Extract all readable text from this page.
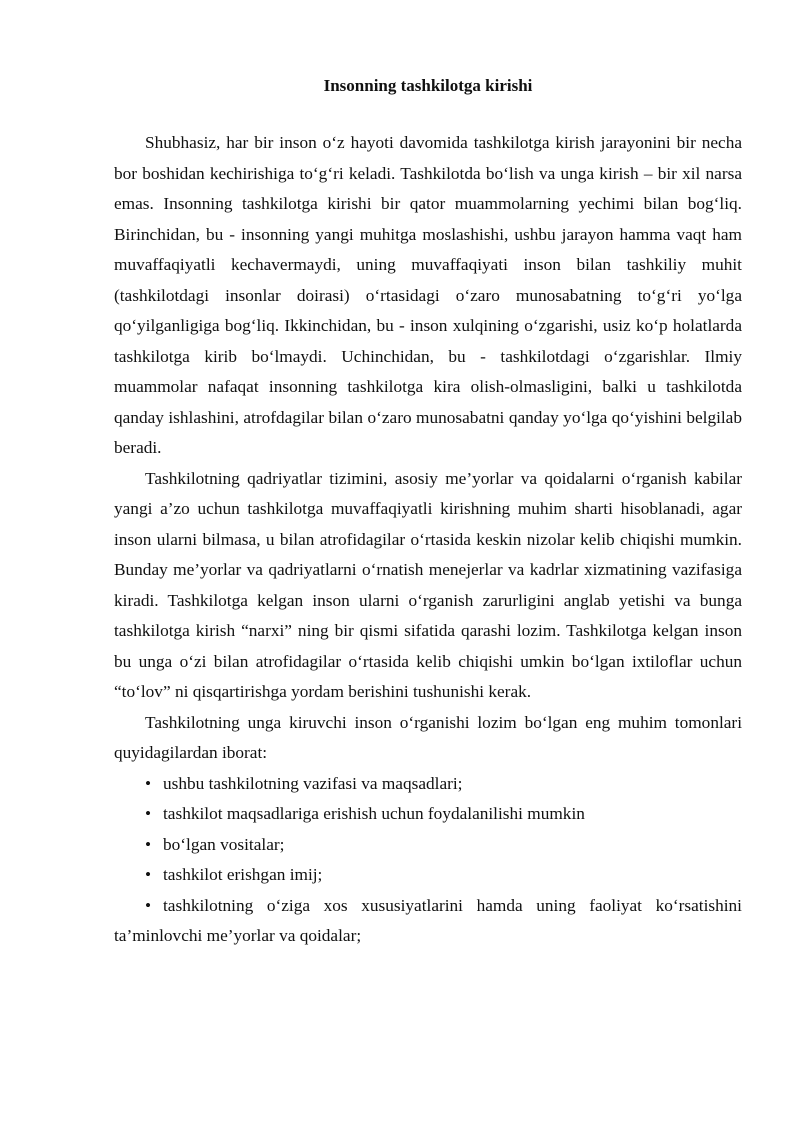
Insonning tashkilotga kirishi

Shubhasiz, har bir inson o‘z hayoti davomida tashkilotga kirish jarayonini bir necha bor boshidan kechirishiga to‘g‘ri keladi. Tashkilotda bo‘lish va unga kirish – bir xil narsa emas. Insonning tashkilotga kirishi bir qator muammolarning yechimi bilan bog‘liq. Birinchidan, bu - insonning yangi muhitga moslashishi, ushbu jarayon hamma vaqt ham muvaffaqiyatli kechavermaydi, uning muvaffaqiyati inson bilan tashkiliy muhit (tashkilotdagi insonlar doirasi) o‘rtasidagi o‘zaro munosabatning to‘g‘ri yo‘lga qo‘yilganligiga bog‘liq. Ikkinchidan, bu - inson xulqining o‘zgarishi, usiz ko‘p holatlarda tashkilotga kirib bo‘lmaydi. Uchinchidan, bu - tashkilotdagi o‘zgarishlar. Ilmiy muammolar nafaqat insonning tashkilotga kira olish-olmasligini, balki u tashkilotda qanday ishlashini, atrofdagilar bilan o‘zaro munosabatni qanday yo‘lga qo‘yishini belgilab beradi.

Tashkilotning qadriyatlar tizimini, asosiy me’yorlar va qoidalarni o‘rganish kabilar yangi a’zo uchun tashkilotga muvaffaqiyatli kirishning muhim sharti hisoblanadi, agar inson ularni bilmasa, u bilan atrofidagilar o‘rtasida keskin nizolar kelib chiqishi mumkin. Bunday me’yorlar va qadriyatlarni o‘rnatish menejerlar va kadrlar xizmatining vazifasiga kiradi. Tashkilotga kelgan inson ularni o‘rganish zarurligini anglab yetishi va bunga tashkilotga kirish “narxi” ning bir qismi sifatida qarashi lozim. Tashkilotga kelgan inson bu unga o‘zi bilan atrofidagilar o‘rtasida kelib chiqishi umkin bo‘lgan ixtiloflar uchun “to‘lov” ni qisqartirishga yordam berishini tushunishi kerak.

Tashkilotning unga kiruvchi inson o‘rganishi lozim bo‘lgan eng muhim tomonlari quyidagilardan iborat:

• ushbu tashkilotning vazifasi va maqsadlari;
• tashkilot maqsadlariga erishish uchun foydalanilishi mumkin
• bo‘lgan vositalar;
• tashkilot erishgan imij;
• tashkilotning o‘ziga xos xususiyatlarini hamda uning faoliyat ko‘rsatishini ta’minlovchi me’yorlar va qoidalar;
